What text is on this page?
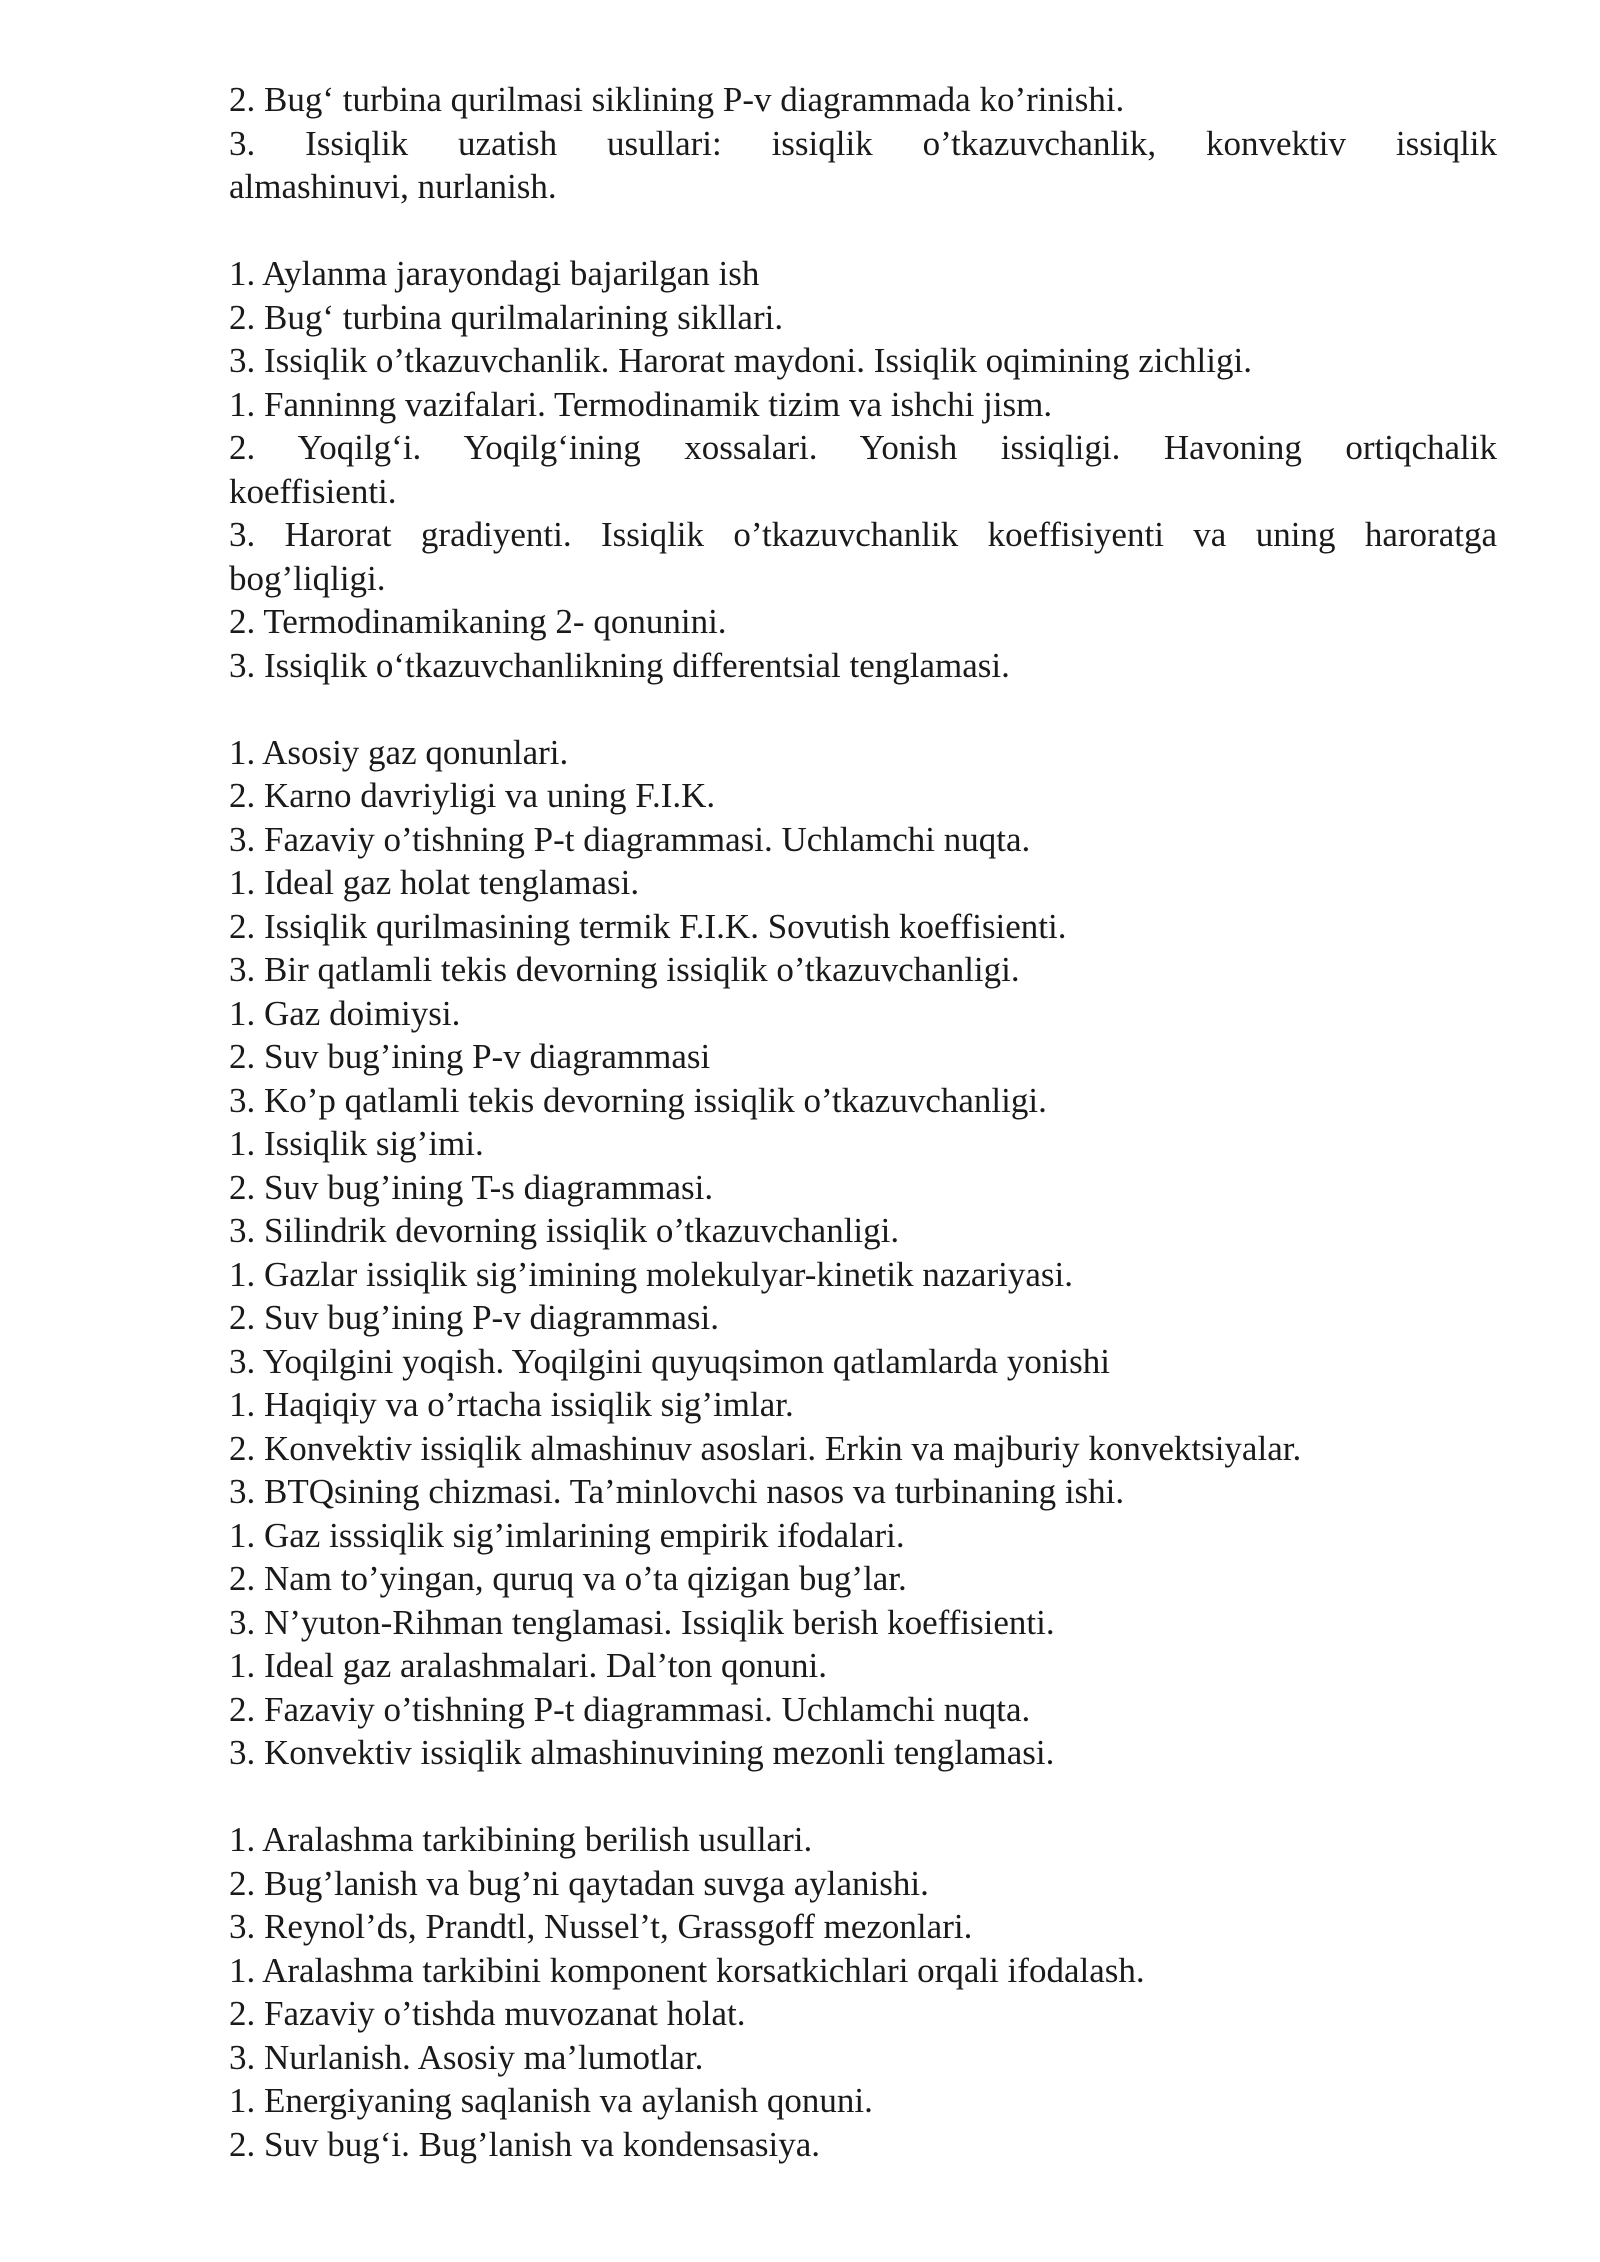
2. Bug‘ turbina qurilmasi siklining P-v diagrammada ko’rinishi.
3. Issiqlik uzatish usullari: issiqlik o’tkazuvchanlik, konvektiv issiqlik
almashinuvi, nurlanish.
1. Aylanma jarayondagi bajarilgan ish
2. Bug‘ turbina qurilmalarining sikllari.
3. Issiqlik o’tkazuvchanlik. Harorat maydoni. Issiqlik oqimining zichligi.
1. Fanninng vazifalari. Termodinamik tizim va ishchi jism.
2. Yoqilg‘i. Yoqilg‘ining xossalari. Yonish issiqligi. Havoning ortiqchalik
koeffisienti.
3. Harorat gradiyenti. Issiqlik o’tkazuvchanlik koeffisiyenti va uning haroratga
bog’liqligi.
2. Termodinamikaning 2- qonunini.
3. Issiqlik o‘tkazuvchanlikning differentsial tenglamasi.
1. Asosiy gaz qonunlari.
2. Karno davriyligi va uning F.I.K.
3. Fazaviy o’tishning P-t diagrammasi. Uchlamchi nuqta.
1. Ideal gaz holat tenglamasi.
2. Issiqlik qurilmasining termik F.I.K. Sovutish koeffisienti.
3. Bir qatlamli tekis devorning issiqlik o’tkazuvchanligi.
1. Gaz doimiysi.
2. Suv bug’ining P-v diagrammasi
3. Ko’p qatlamli tekis devorning issiqlik o’tkazuvchanligi.
1. Issiqlik sig’imi.
2. Suv bug’ining T-s diagrammasi.
3. Silindrik devorning issiqlik o’tkazuvchanligi.
1. Gazlar issiqlik sig’imining molekulyar-kinetik nazariyasi.
2. Suv bug’ining P-v diagrammasi.
3. Yoqilgini yoqish. Yoqilgini quyuqsimon qatlamlarda yonishi
1. Haqiqiy va o’rtacha issiqlik sig’imlar.
2. Konvektiv issiqlik almashinuv asoslari. Erkin va majburiy konvektsiyalar.
3. BTQsining chizmasi. Ta’minlovchi nasos va turbinaning ishi.
1. Gaz isssiqlik sig’imlarining empirik ifodalari.
2. Nam to’yingan, quruq va o’ta qizigan bug’lar.
3. N’yuton-Rihman tenglamasi. Issiqlik berish koeffisienti.
1. Ideal gaz aralashmalari. Dal’ton qonuni.
2. Fazaviy o’tishning P-t diagrammasi. Uchlamchi nuqta.
3. Konvektiv issiqlik almashinuvining mezonli tenglamasi.
1. Aralashma tarkibining berilish usullari.
2. Bug’lanish va bug’ni qaytadan suvga aylanishi.
3. Reynol’ds, Prandtl, Nussel’t, Grassgoff mezonlari.
1. Aralashma tarkibini komponent korsatkichlari orqali ifodalash.
2. Fazaviy o’tishda muvozanat holat.
3. Nurlanish. Asosiy ma’lumotlar.
1. Energiyaning saqlanish va aylanish qonuni.
2. Suv bug‘i. Bug’lanish va kondensasiya.
